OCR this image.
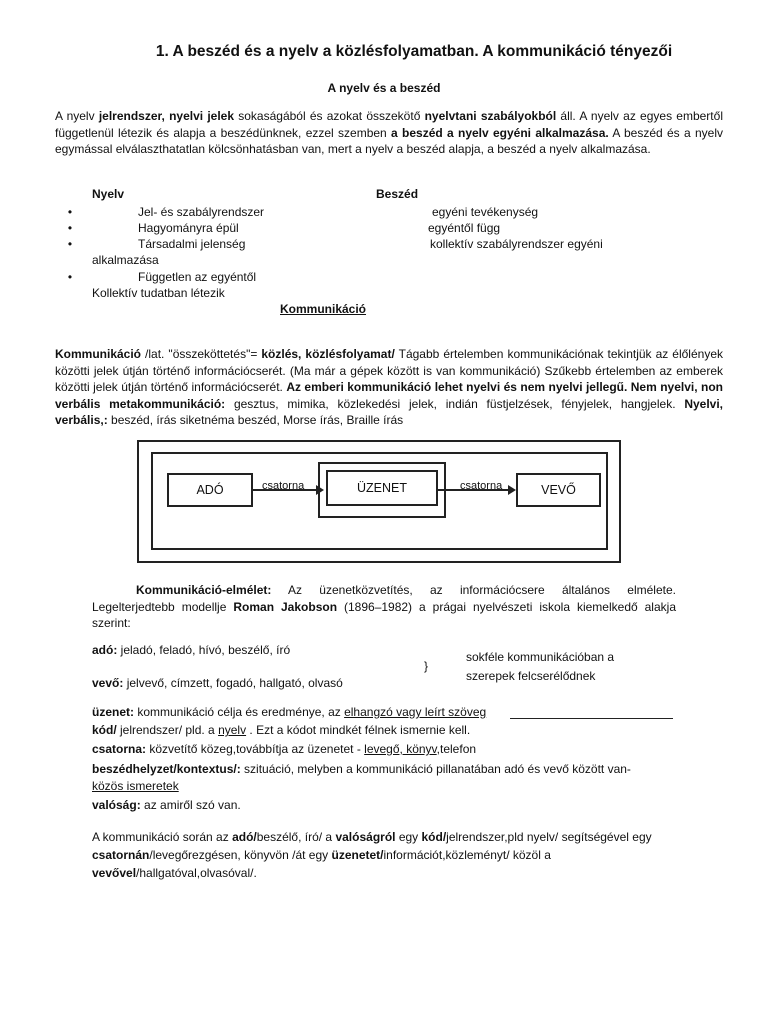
1. A beszéd és a nyelv a közlésfolyamatban. A kommunikáció tényezői
A nyelv és a beszéd
A nyelv jelrendszer, nyelvi jelek sokaságából és azokat összekötő nyelvtani szabályokból áll. A nyelv az egyes embertől függetlenül létezik és alapja a beszédünknek, ezzel szemben a beszéd a nyelv egyéni alkalmazása. A beszéd és a nyelv egymással elválaszthatatlan kölcsönhatásban van, mert a nyelv a beszéd alapja, a beszéd a nyelv alkalmazása.
Nyelv	Beszéd
•	Jel- és szabályrendszer	egyéni tevékenység
•	Hagyományra épül	egyéntől függ
•	Társadalmi jelenség	kollektív szabályrendszer egyéni
alkalmazása
•	Független az egyéntől
Kollektív tudatban létezik
Kommunikáció
Kommunikáció /lat. "összeköttetés"= közlés, közlésfolyamat/ Tágabb értelemben kommunikációnak tekintjük az élőlények közötti jelek útján történő információcserét. (Ma már a gépek között is van kommunikáció) Szűkebb értelemben az emberek közötti jelek útján történő információcserét. Az emberi kommunikáció lehet nyelvi és nem nyelvi jellegű. Nem nyelvi, non verbális metakommunikáció: gesztus, mimika, közlekedési jelek, indián füstjelzések, fényjelek, hangjelek. Nyelvi, verbális,: beszéd, írás siketnéma beszéd, Morse írás, Braille írás
ADÓ	ÜZENET	VEVŐ
csatorna	csatorna
Kommunikáció-elmélet: Az üzenetközvetítés, az információcsere általános elmélete. Legelterjedtebb modellje Roman Jakobson (1896–1982) a prágai nyelvészeti iskola kiemelkedő alakja szerint:
adó: jeladó, feladó, hívó, beszélő, író
vevő: jelvevő, címzett, fogadó, hallgató, olvasó
}
sokféle kommunikációban a
szerepek felcserélődnek
üzenet: kommunikáció célja és eredménye, az elhangzó vagy leírt szöveg
kód/ jelrendszer/ pld. a nyelv . Ezt a kódot mindkét félnek ismernie kell.
csatorna: közvetítő közeg,továbbítja az üzenetet - levegő, könyv,telefon
beszédhelyzet/kontextus/: szituáció, melyben a kommunikáció pillanatában adó és vevő között van-
közös ismeretek
valóság: az amiről szó van.
A kommunikáció során az adó/beszélő, író/ a valóságról egy kód/jelrendszer,pld nyelv/ segítségével egy csatornán/levegőrezgésen, könyvön /át egy üzenetet/információt,közleményt/ közöl a vevővel/hallgatóval,olvasóval/.
